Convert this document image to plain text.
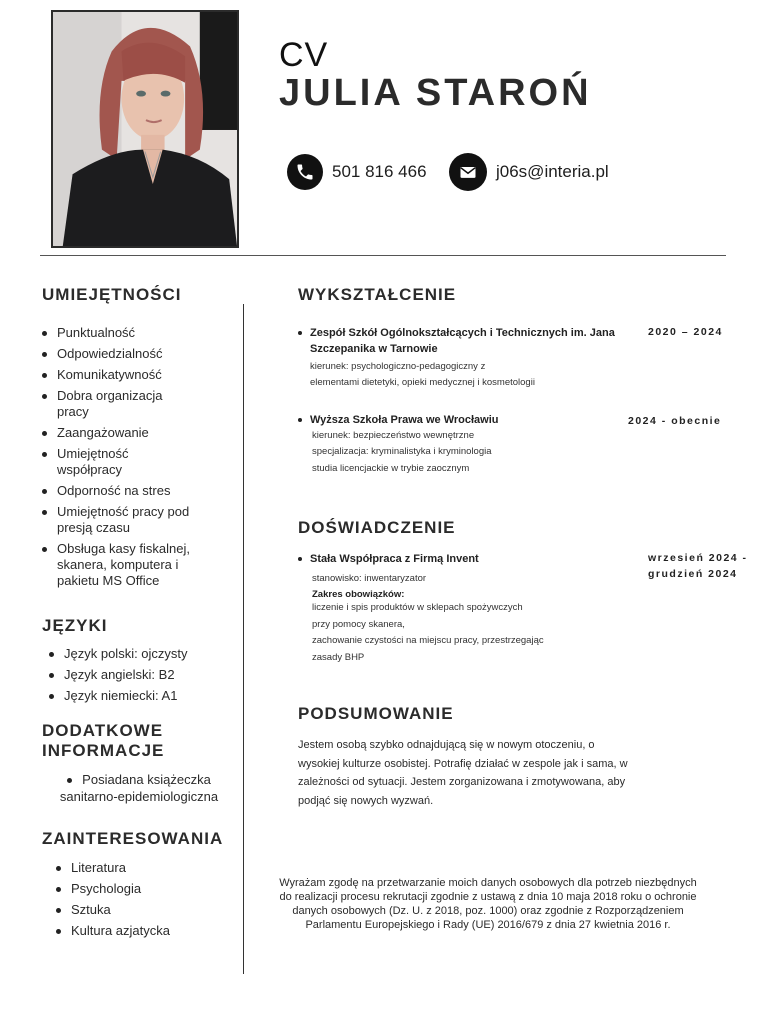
CV
JULIA STAROŃ
501 816 466	j06s@interia.pl
UMIEJĘTNOŚCI
Punktualność
Odpowiedzialność
Komunikatywność
Dobra organizacja pracy
Zaangażowanie
Umiejętność współpracy
Odporność na stres
Umiejętność pracy pod presją czasu
Obsługa kasy fiskalnej, skanera, komputera i pakietu MS Office
JĘZYKI
Język polski: ojczysty
Język angielski: B2
Język niemiecki: A1
DODATKOWE INFORMACJE
Posiadana książeczka sanitarno-epidemiologiczna
ZAINTERESOWANIA
Literatura
Psychologia
Sztuka
Kultura azjatycka
WYKSZTAŁCENIE
Zespół Szkół Ogólnokształcących i Technicznych im. Jana Szczepanika w Tarnowie
2020 – 2024
kierunek: psychologiczno-pedagogiczny z
elementami dietetyki, opieki medycznej i kosmetologii
Wyższa Szkoła Prawa we Wrocławiu	2024 - obecnie
kierunek: bezpieczeństwo wewnętrzne
specjalizacja: kryminalistyka i kryminologia
studia licencjackie w trybie zaocznym
DOŚWIADCZENIE
Stała Współpraca z Firmą Invent	wrzesień 2024 -
grudzień 2024
stanowisko: inwentaryzator
Zakres obowiązków:
liczenie i spis produktów w sklepach spożywczych
przy pomocy skanera,
zachowanie czystości na miejscu pracy, przestrzegając
zasady BHP
PODSUMOWANIE
Jestem osobą szybko odnajdującą się w nowym otoczeniu, o wysokiej kulturze osobistej. Potrafię działać w zespole jak i sama, w zależności od sytuacji. Jestem zorganizowana i zmotywowana, aby podjąć się nowych wyzwań.
Wyrażam zgodę na przetwarzanie moich danych osobowych dla potrzeb niezbędnych do realizacji procesu rekrutacji zgodnie z ustawą z dnia 10 maja 2018 roku o ochronie danych osobowych (Dz. U. z 2018, poz. 1000) oraz zgodnie z Rozporządzeniem Parlamentu Europejskiego i Rady (UE) 2016/679 z dnia 27 kwietnia 2016 r.
